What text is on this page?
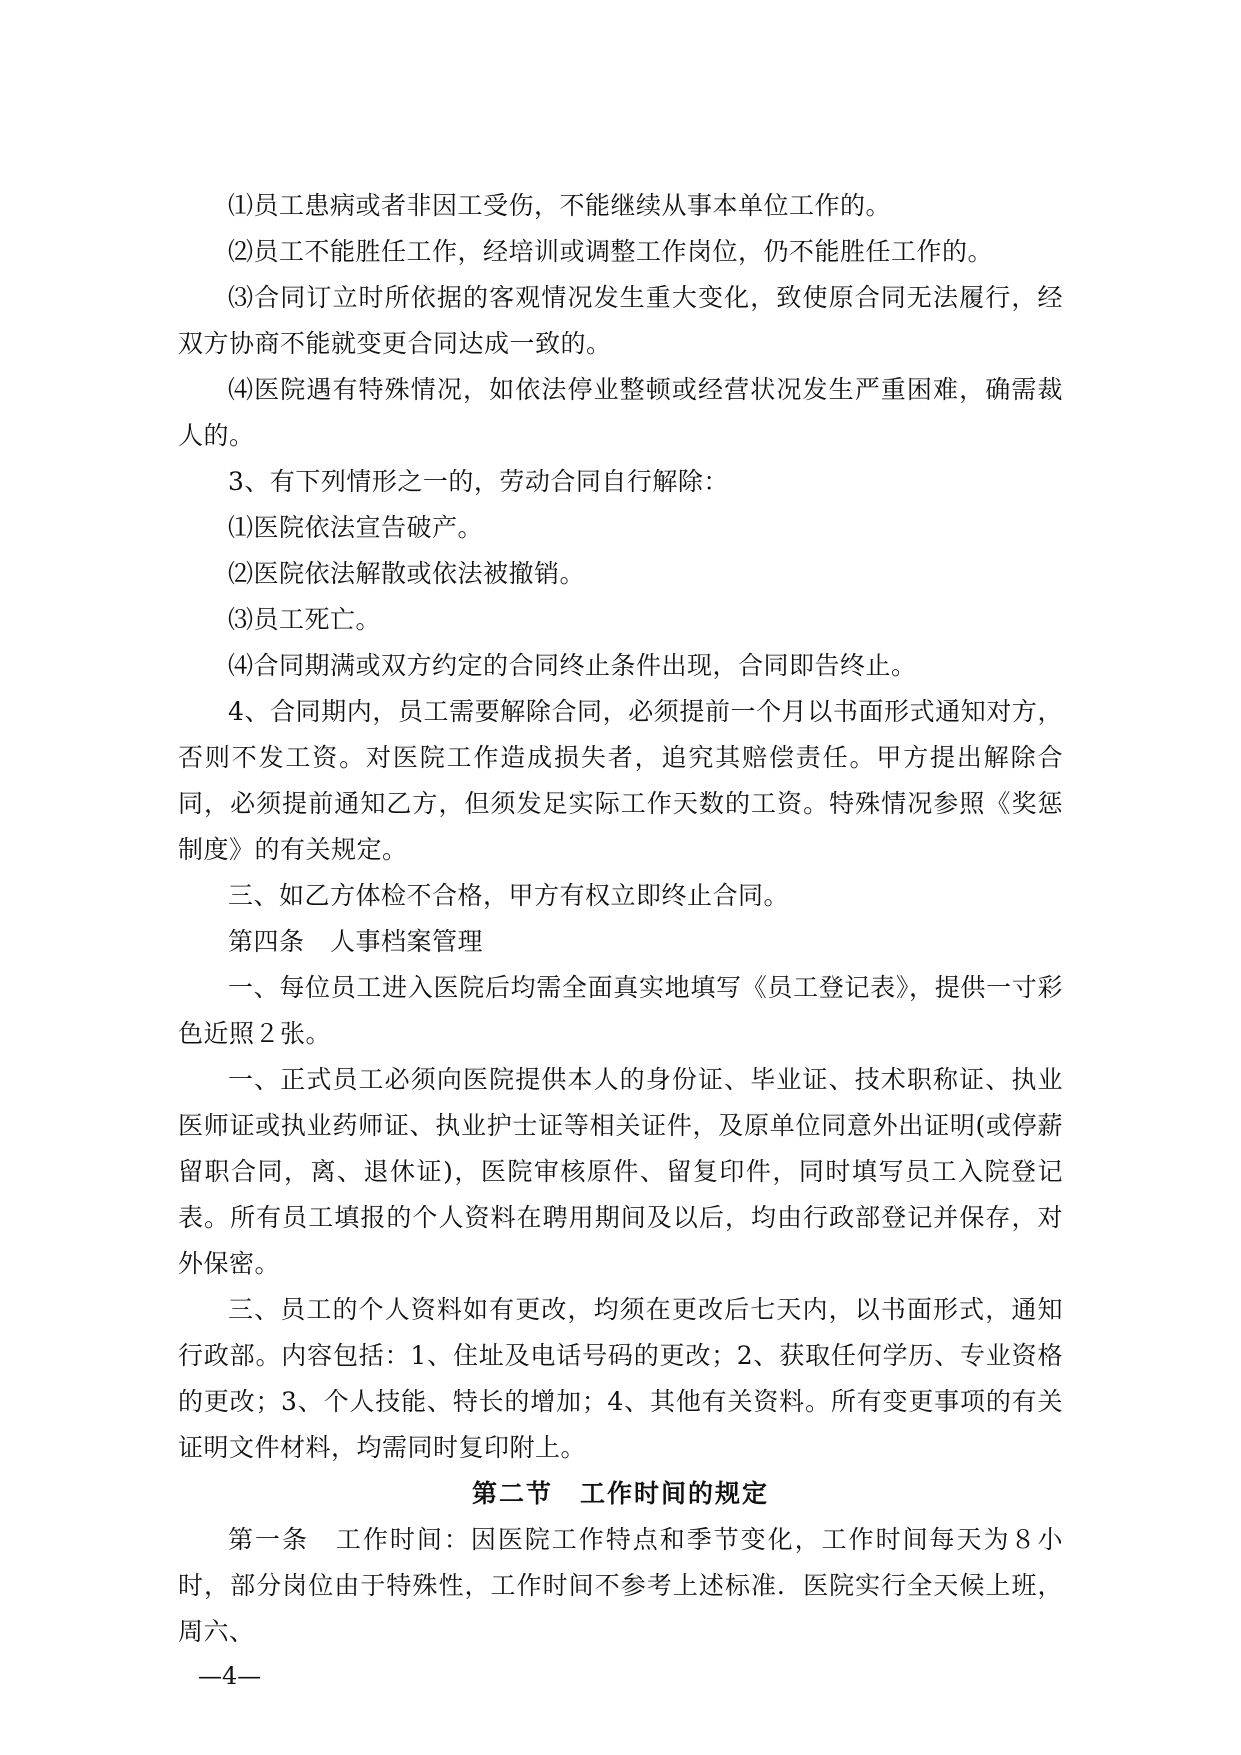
⑴员工患病或者非因工受伤，不能继续从事本单位工作的。

⑵员工不能胜任工作，经培训或调整工作岗位，仍不能胜任工作的。

⑶合同订立时所依据的客观情况发生重大变化，致使原合同无法履行，经双方协商不能就变更合同达成一致的。

⑷医院遇有特殊情况，如依法停业整顿或经营状况发生严重困难，确需裁人的。

3、有下列情形之一的，劳动合同自行解除：

⑴医院依法宣告破产。

⑵医院依法解散或依法被撤销。

⑶员工死亡。

⑷合同期满或双方约定的合同终止条件出现，合同即告终止。

4、合同期内，员工需要解除合同，必须提前一个月以书面形式通知对方，否则不发工资。对医院工作造成损失者，追究其赔偿责任。甲方提出解除合同，必须提前通知乙方，但须发足实际工作天数的工资。特殊情况参照《奖惩制度》的有关规定。

三、如乙方体检不合格，甲方有权立即终止合同。

第四条　人事档案管理

一、每位员工进入医院后均需全面真实地填写《员工登记表》，提供一寸彩色近照２张。

一、正式员工必须向医院提供本人的身份证、毕业证、技术职称证、执业医师证或执业药师证、执业护士证等相关证件，及原单位同意外出证明(或停薪留职合同，离、退休证)，医院审核原件、留复印件，同时填写员工入院登记表。所有员工填报的个人资料在聘用期间及以后，均由行政部登记并保存，对外保密。

三、员工的个人资料如有更改，均须在更改后七天内，以书面形式，通知行政部。内容包括：1、住址及电话号码的更改；2、获取任何学历、专业资格的更改；3、个人技能、特长的增加；4、其他有关资料。所有变更事项的有关证明文件材料，均需同时复印附上。

第二节　工作时间的规定

第一条　工作时间：因医院工作特点和季节变化，工作时间每天为８小时，部分岗位由于特殊性，工作时间不参考上述标准．医院实行全天候上班，周六、

—4—
